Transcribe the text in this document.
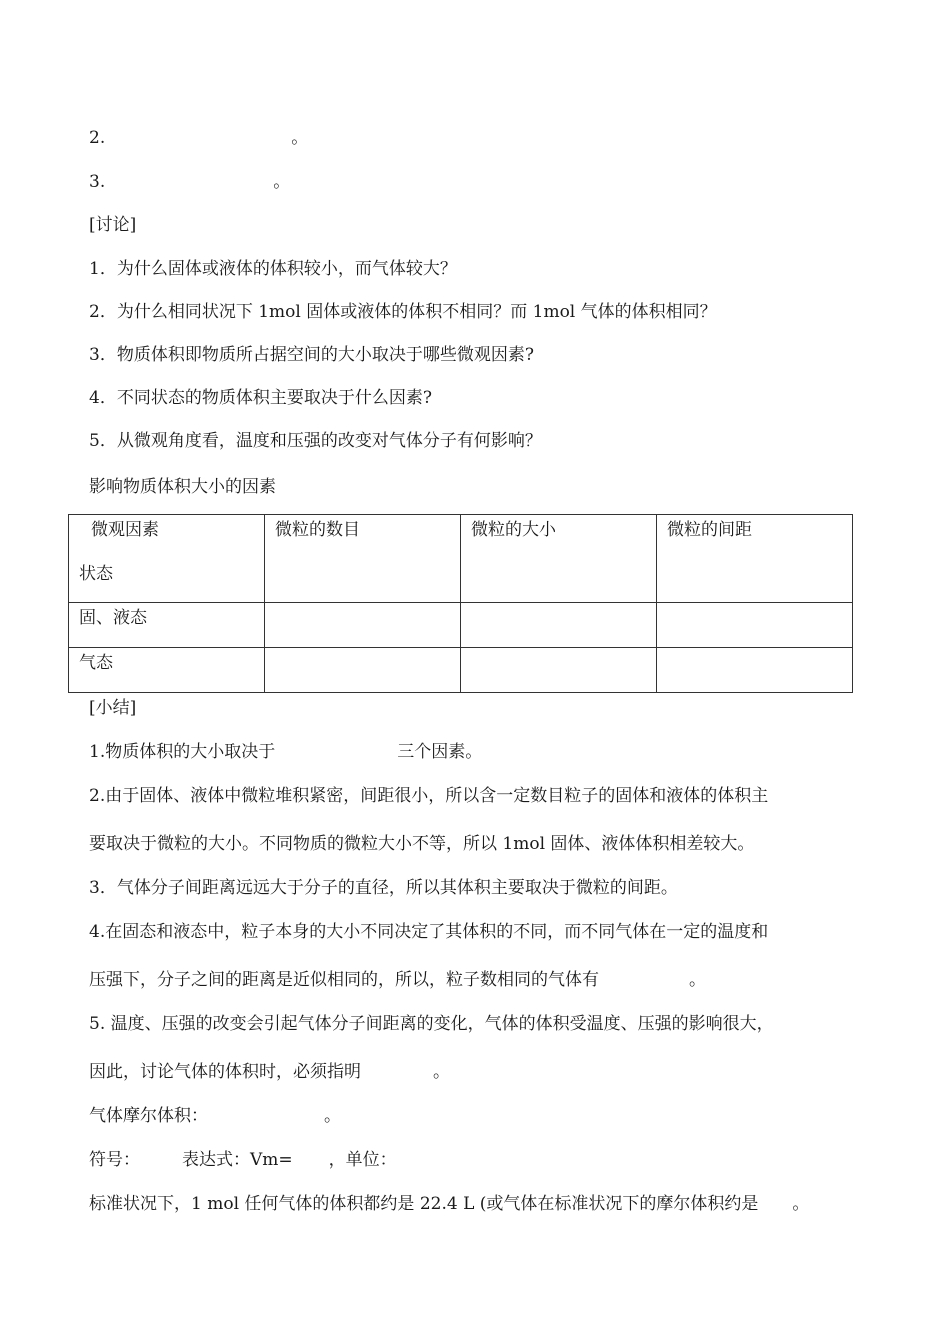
2.	。
3.	。
[讨论]
1．为什么固体或液体的体积较小，而气体较大？
2．为什么相同状况下 1mol 固体或液体的体积不相同？而 1mol 气体的体积相同？
3．物质体积即物质所占据空间的大小取决于哪些微观因素?
4．不同状态的物质体积主要取决于什么因素?
5．从微观角度看，温度和压强的改变对气体分子有何影响？
影响物质体积大小的因素
微观因素
状态	微粒的数目	微粒的大小	微粒的间距
固、液态			
气态			
[小结]
1.物质体积的大小取决于	三个因素。
2.由于固体、液体中微粒堆积紧密，间距很小，所以含一定数目粒子的固体和液体的体积主
要取决于微粒的大小。不同物质的微粒大小不等，所以 1mol 固体、液体体积相差较大。
3．气体分子间距离远远大于分子的直径，所以其体积主要取决于微粒的间距。
4.在固态和液态中，粒子本身的大小不同决定了其体积的不同，而不同气体在一定的温度和
压强下，分子之间的距离是近似相同的，所以，粒子数相同的气体有	。
5. 温度、压强的改变会引起气体分子间距离的变化，气体的体积受温度、压强的影响很大，
因此，讨论气体的体积时，必须指明	。
气体摩尔体积：	。
符号： 表达式：Vm= ，单位：
标准状况下，1 mol 任何气体的体积都约是 22.4 L (或气体在标准状况下的摩尔体积约是 。
